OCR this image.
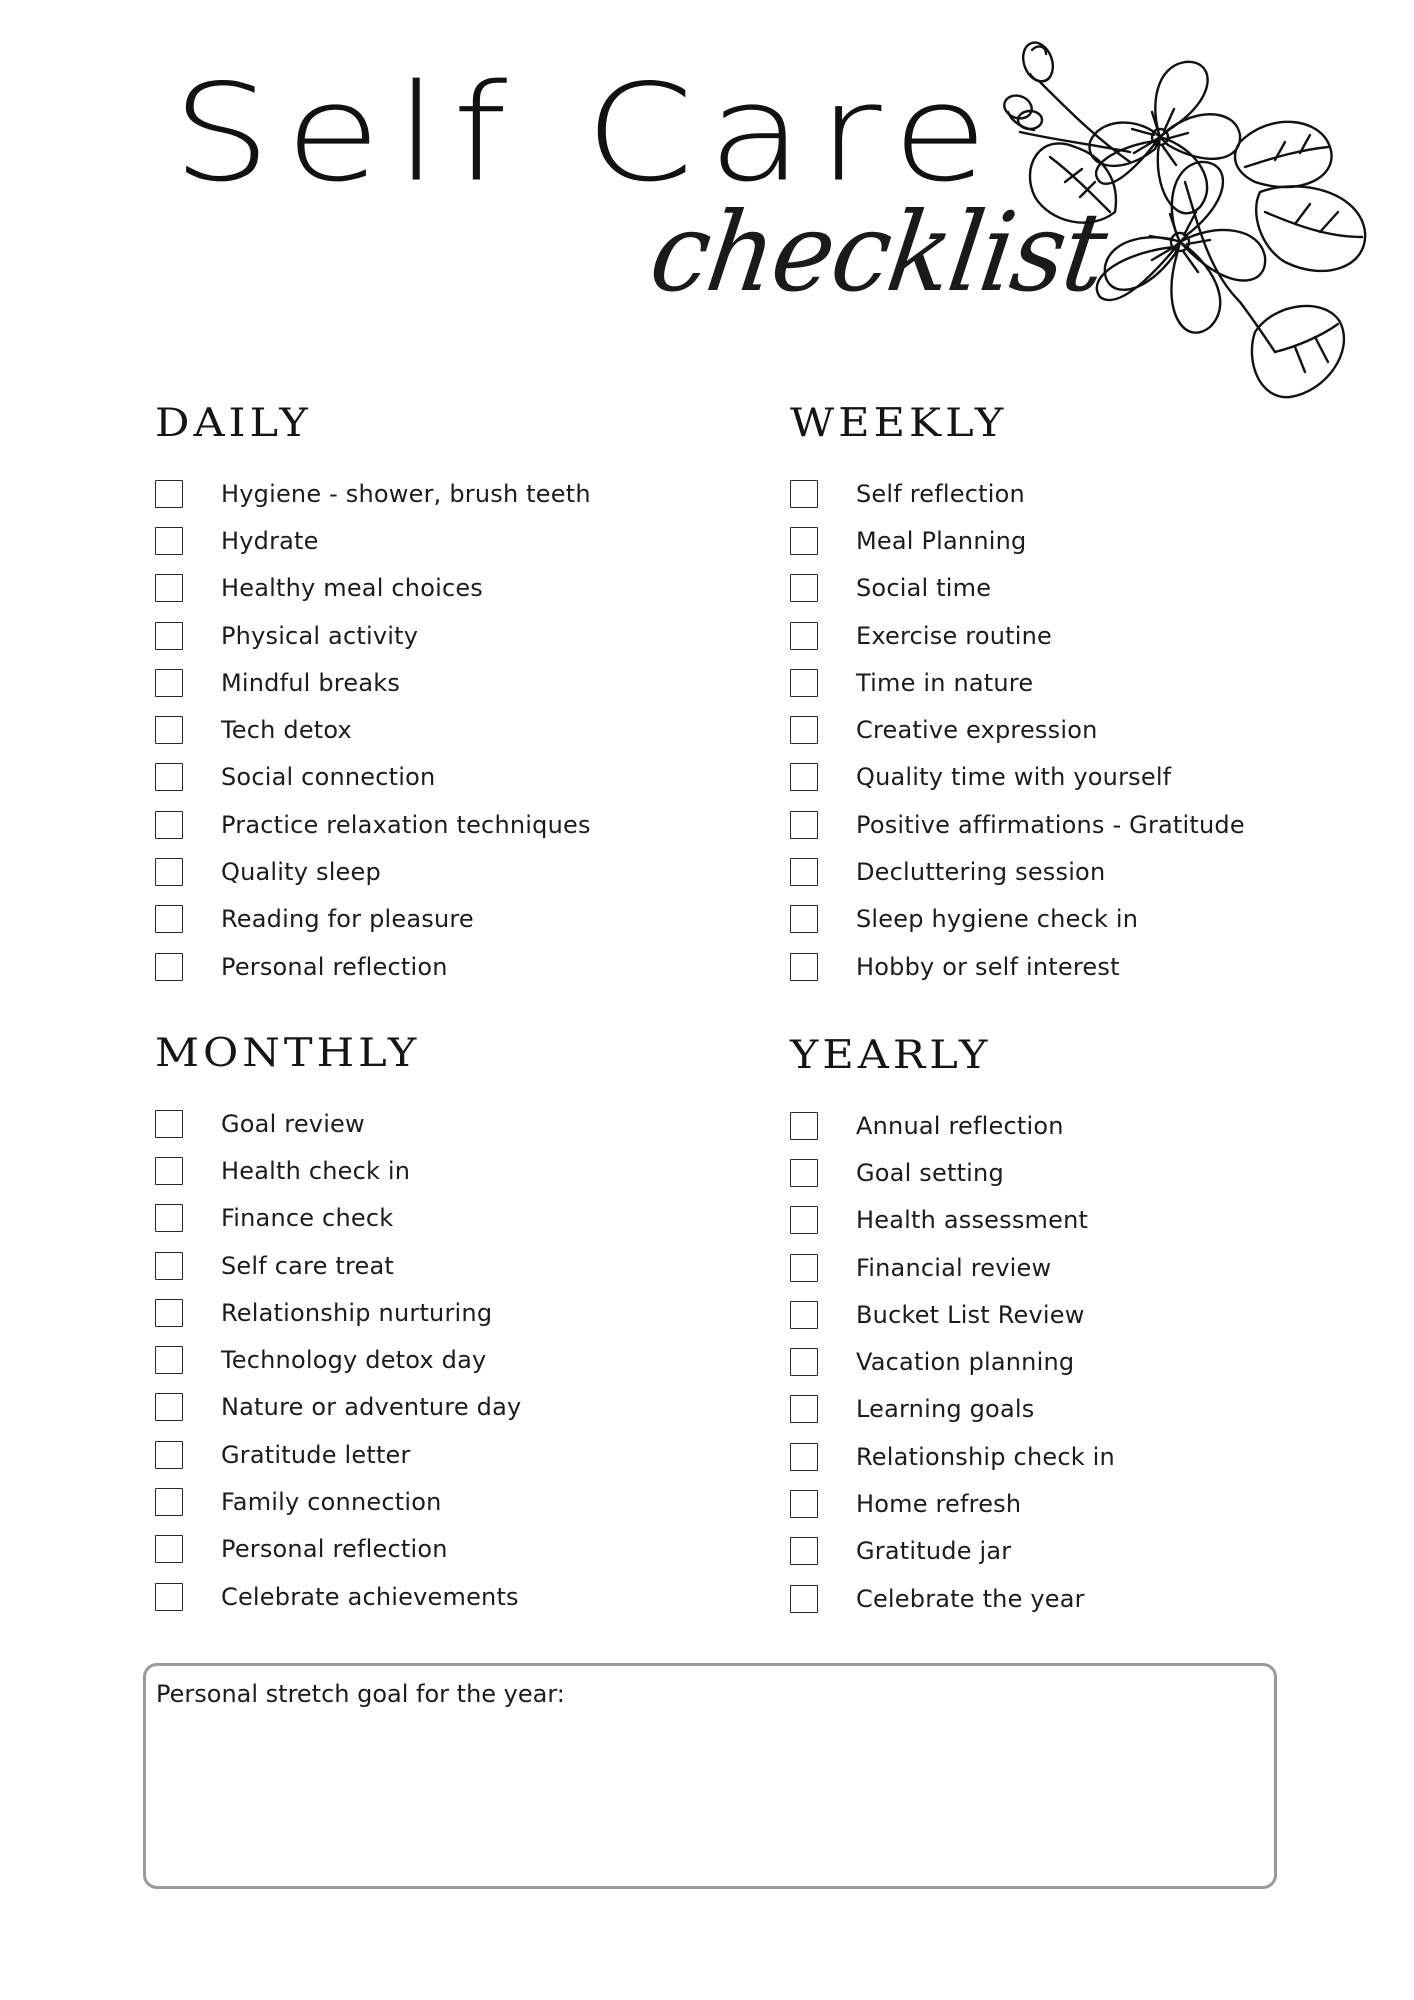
Self Care
checklist
DAILY
Hygiene - shower, brush teeth
Hydrate
Healthy meal choices
Physical activity
Mindful breaks
Tech detox
Social connection
Practice relaxation techniques
Quality sleep
Reading for pleasure
Personal reflection
WEEKLY
Self reflection
Meal Planning
Social time
Exercise routine
Time in nature
Creative expression
Quality time with yourself
Positive affirmations - Gratitude
Decluttering session
Sleep hygiene check in
Hobby or self interest
MONTHLY
Goal review
Health check in
Finance check
Self care treat
Relationship nurturing
Technology detox day
Nature or adventure day
Gratitude letter
Family connection
Personal reflection
Celebrate achievements
YEARLY
Annual reflection
Goal setting
Health assessment
Financial review
Bucket List Review
Vacation planning
Learning goals
Relationship check in
Home refresh
Gratitude jar
Celebrate the year
Personal stretch goal for the year:
